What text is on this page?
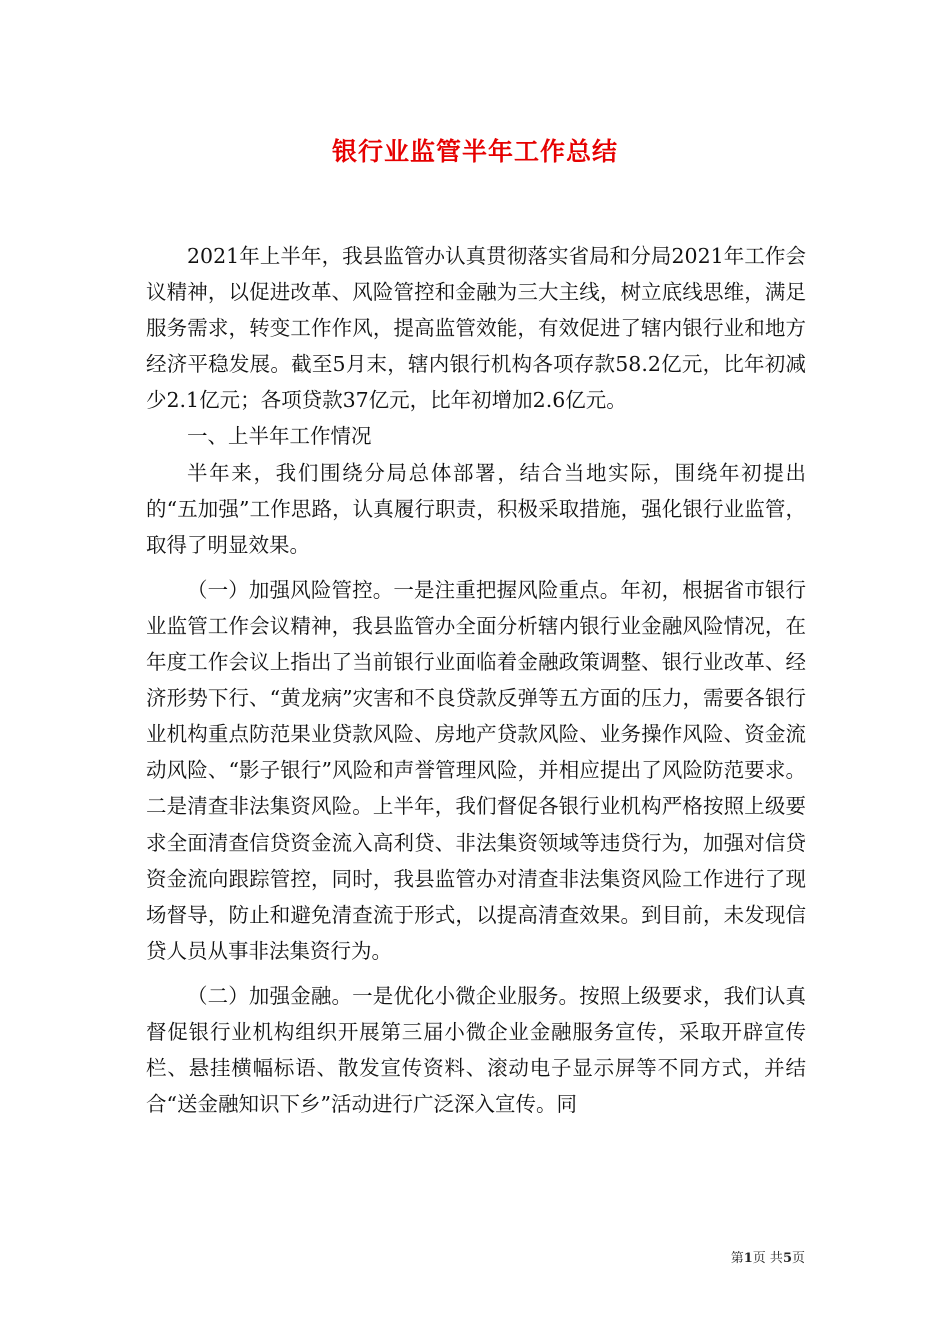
银行业监管半年工作总结

2021年上半年，我县监管办认真贯彻落实省局和分局2021年工作会议精神，以促进改革、风险管控和金融为三大主线，树立底线思维，满足服务需求，转变工作作风，提高监管效能，有效促进了辖内银行业和地方经济平稳发展。截至5月末，辖内银行机构各项存款58.2亿元，比年初减少2.1亿元；各项贷款37亿元，比年初增加2.6亿元。

一、上半年工作情况

半年来，我们围绕分局总体部署，结合当地实际，围绕年初提出的“五加强”工作思路，认真履行职责，积极采取措施，强化银行业监管，取得了明显效果。

（一）加强风险管控。一是注重把握风险重点。年初，根据省市银行业监管工作会议精神，我县监管办全面分析辖内银行业金融风险情况，在年度工作会议上指出了当前银行业面临着金融政策调整、银行业改革、经济形势下行、“黄龙病”灾害和不良贷款反弹等五方面的压力，需要各银行业机构重点防范果业贷款风险、房地产贷款风险、业务操作风险、资金流动风险、“影子银行”风险和声誉管理风险，并相应提出了风险防范要求。二是清查非法集资风险。上半年，我们督促各银行业机构严格按照上级要求全面清查信贷资金流入高利贷、非法集资领域等违贷行为，加强对信贷资金流向跟踪管控，同时，我县监管办对清查非法集资风险工作进行了现场督导，防止和避免清查流于形式，以提高清查效果。到目前，未发现信贷人员从事非法集资行为。

（二）加强金融。一是优化小微企业服务。按照上级要求，我们认真督促银行业机构组织开展第三届小微企业金融服务宣传，采取开辟宣传栏、悬挂横幅标语、散发宣传资料、滚动电子显示屏等不同方式，并结合“送金融知识下乡”活动进行广泛深入宣传。同

第1页 共5页
